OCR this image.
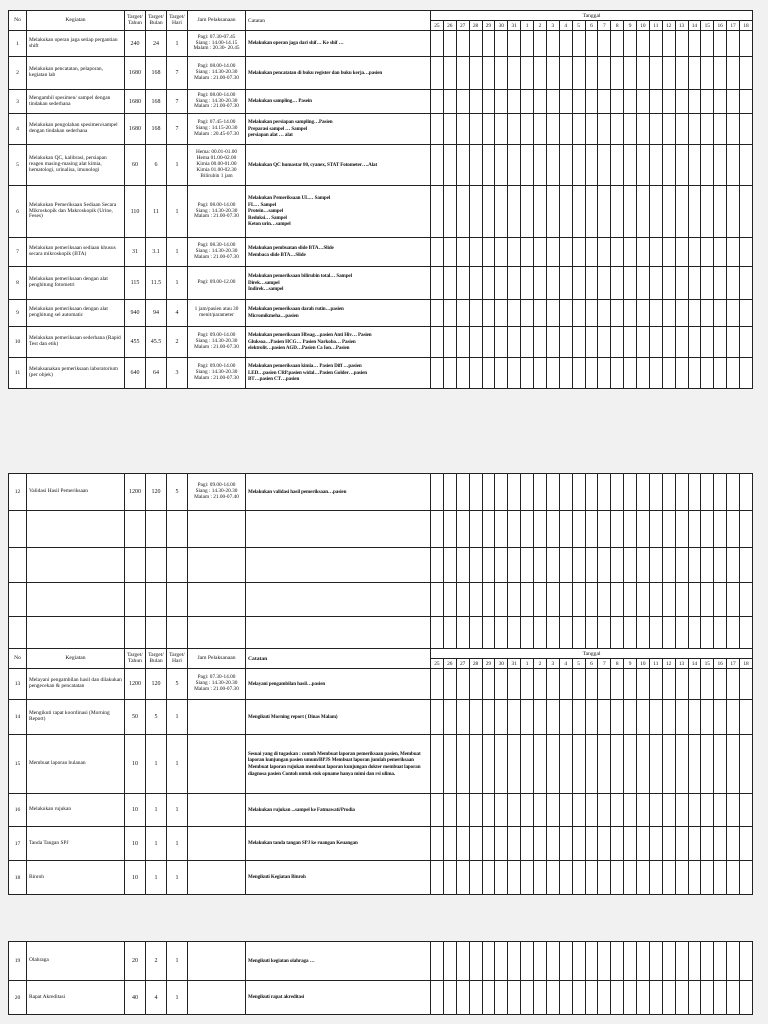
No	Kegiatan	Target/ Tahun	Target/ Bulan	Target/ Hari	Jam Pelaksanaan	Catatan	Tanggal																								
							25	26	27	28	29	30	31	1	2	3	4	5	6	7	8	9	10	11	12	13	14	15	16	17	18
1	Melakukan operan jaga setiap pergantian shift	240	24	1	Pagi: 07.30-07.45
Siang : 14.00-14.15
Malam : 20.30- 20.45	Melakukan operan jaga dari shif… Ke shif …																									
2	Melakukan pencatatan, pelaporan, kegiatan lab	1680	168	7	Pagi: 08.00-14.00
Siang : 14.30-20.30
Malam : 21.00-07.30	Melakukan pencatatan di buku register dan buku kerja…pasien																									
3	Mengambil spesimen/ sampel dengan tindakan sederhana	1680	168	7	Pagi: 08.00-14.00
Siang : 14.30-20.30
Malam : 21.00-07.30	Melakukan sampling… Pasein																									
4	Melakukan pengolahan spesimen/sampel dengan tindakan sederhana	1680	168	7	Pagi: 07.45-14.00
Siang : 14.15-20.30
Malam : 20.45-07.30	Melakukan persiapan sampling…Pasien
Preparasi sampel … Sampel
persiapan alat … alat																									
5	Melakukan QC, kalibrasi, persiapan reagen masing-masing alat kimia, hematologi, urinalisa, imunologi	60	6	1	Hema: 00.01-01.00
Hema 01.00-02.00
Kimia 00.00-01.00
Kimia 01.00-02.30
Bilirubin 1 jam	Melakukan QC humastar 80, cyanex, STAT Fotometer….Alat																									
6	Melakukan Pemeriksaan Sediaan Secara Mikroskopik dan Makroskopik (Urine, Feses)	110	11	1	Pagi: 08.00-14.00
Siang : 14.30-20.30
Malam : 21.00-07.30	Melakukan Pemeriksaan UL… Sampel
FL… Sampel
Protein…sampel
Reduksi… Sampel
Keton urin…sampel																									
7	Melakukan pemeriksaan sediaan khusus secara mikroskopik (BTA)	31	3.1	1	Pagi: 08.30-14.00
Siang : 14.30-20.30
Malam : 21.00-07.30	Melakukan pembuatan slide BTA…Slide
Membaca slide BTA…Slide																									
8	Melakukan pemeriksaan dengan alat penghitung fotometri	115	11.5	1	Pagi: 09.00-12.00	Melakukan pemeriksaan bilirubin total… Sampel
Direk…sampel
Indirek…sampel																									
9	Melakukan pemeriksaan dengan alat penghitung sel automatic	940	94	4	1 jam/pasien atau 30 menit/parameter	Melakukan pemeriksaan darah rutin…pasien
Micromikmeha…pasien																									
10	Melakukan pemeriksaan sederhana (Rapid Test dan etik)	455	45.5	2	Pagi: 09.00-14.00
Siang : 14.30-20.30
Malam : 21.00-07.30	Melakukan pemeriksaan Hbsag…pasien Anti Hiv… Pasien
Gluksoa…Pasien HCG… Pasien Narkoba… Pasien
elektrolit…pasien AGD…Pasien Ca Ion…Pasien																									
11	Melaksanakan pemeriksaan laboratorium (per objek)	640	64	3	Pagi: 09.00-14.00
Siang : 14.30-20.30
Malam : 21.00-07.30	Melakukan pemeriksaan kimia… Pasien Diff …pasien
LED…pasien CRP.pasien widal…Pasien Golder…pasien
BT…pasien CT…pasien																									
12	Validasi Hasil Pemeriksaan	1200	120	5	Pagi: 09.00-14.00
Siang : 14.30-20.30
Malam : 21.00-07.40	Melakukan validasi hasil pemeriksaan…pasien																									

No	Kegiatan	Target/ Tahun	Target/ Bulan	Target/ Hari	Jam Pelaksanaan	Catatan	Tanggal																								
							25	26	27	28	29	30	31	1	2	3	4	5	6	7	8	9	10	11	12	13	14	15	16	17	18
13	Melayani pengambilan hasil dan dilakukan pengecekan & pencatatan	1200	120	5	Pagi: 07.30-14.00
Siang : 14.30-20.30
Malam : 21.00-07.30	Melayani pengambilan hasil…pasien																									
14	Mengikuti rapat koordinasi (Morning Report)	50	5	1		Mengikuti Morning report ( Dinas Malam)																									
15	Membuat laporan bulanan	10	1	1		Sesuai yang di tugaskan : contoh Membuat laporan pemeriksaan pasien, Membuat laporan kunjungan pasien umum/BPJS Membuat laporan jumlah pemeriksaan Membuat laporan rujukan membuat laporan kunjungan dokter membuat laporan diagnosa pasien Contoh untuk stok opname hanya mimi dan rsi ulima.																									
16	Melakukan rujukan	10	1	1		Melakukan rujukan ...sampel ke Fatmawati/Prodia																									
17	Tanda Tangan SPJ	10	1	1		Melakukan tanda tangan SPJ ke ruangan Keuangan																									
18	Binroh	10	1	1		Mengikuti Kegiatan Binroh																									
19	Olahraga	20	2	1		Mengikuti kegiatan olahraga …																									
20	Rapat Akreditasi	40	4	1		Mengikuti rapat akreditasi																									
